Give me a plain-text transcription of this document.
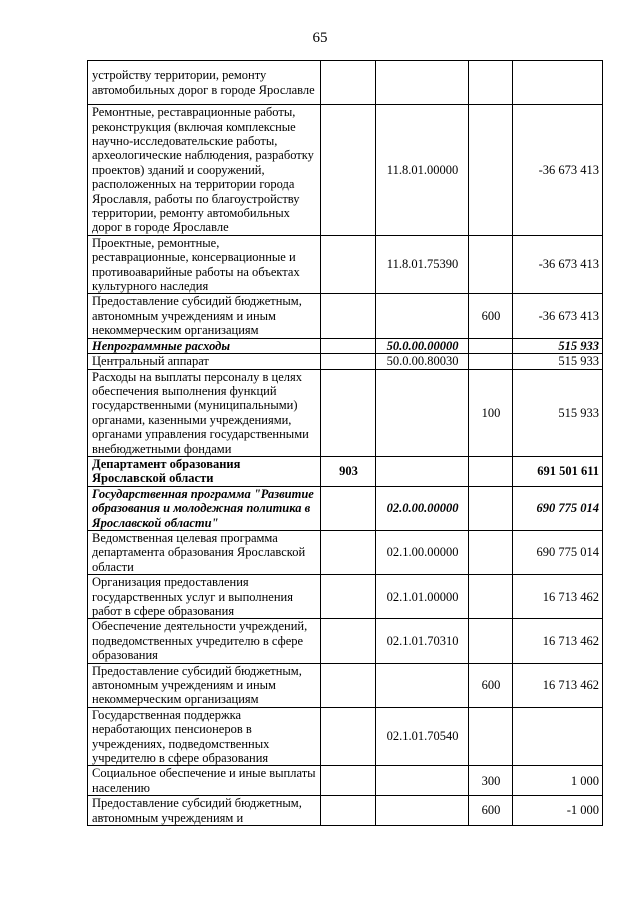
65
устройству территории, ремонту автомобильных дорог в городе Ярославле				
Ремонтные, реставрационные работы, реконструкция (включая комплексные научно-исследовательские работы, археологические наблюдения, разработку проектов) зданий и сооружений, расположенных на территории города Ярославля, работы по благоустройству территории, ремонту автомобильных дорог в городе Ярославле		11.8.01.00000		-36 673 413
Проектные, ремонтные, реставрационные, консервационные и противоаварийные работы на объектах культурного наследия		11.8.01.75390		-36 673 413
Предоставление субсидий бюджетным, автономным учреждениям и иным некоммерческим организациям			600	-36 673 413
Непрограммные расходы		50.0.00.00000		515 933
Центральный аппарат		50.0.00.80030		515 933
Расходы на выплаты персоналу в целях обеспечения выполнения функций государственными (муниципальными) органами, казенными учреждениями, органами управления государственными внебюджетными фондами			100	515 933
Департамент образования Ярославской области	903			691 501 611
Государственная программа "Развитие образования и молодежная политика в Ярославской области"		02.0.00.00000		690 775 014
Ведомственная целевая программа департамента образования Ярославской области		02.1.00.00000		690 775 014
Организация предоставления государственных услуг и выполнения работ в сфере образования		02.1.01.00000		16 713 462
Обеспечение деятельности учреждений, подведомственных учредителю в сфере образования		02.1.01.70310		16 713 462
Предоставление субсидий бюджетным, автономным учреждениям и иным некоммерческим организациям			600	16 713 462
Государственная поддержка неработающих пенсионеров в учреждениях, подведомственных учредителю в сфере образования		02.1.01.70540		
Социальное обеспечение и иные выплаты населению			300	1 000
Предоставление субсидий бюджетным, автономным учреждениям и			600	-1 000
